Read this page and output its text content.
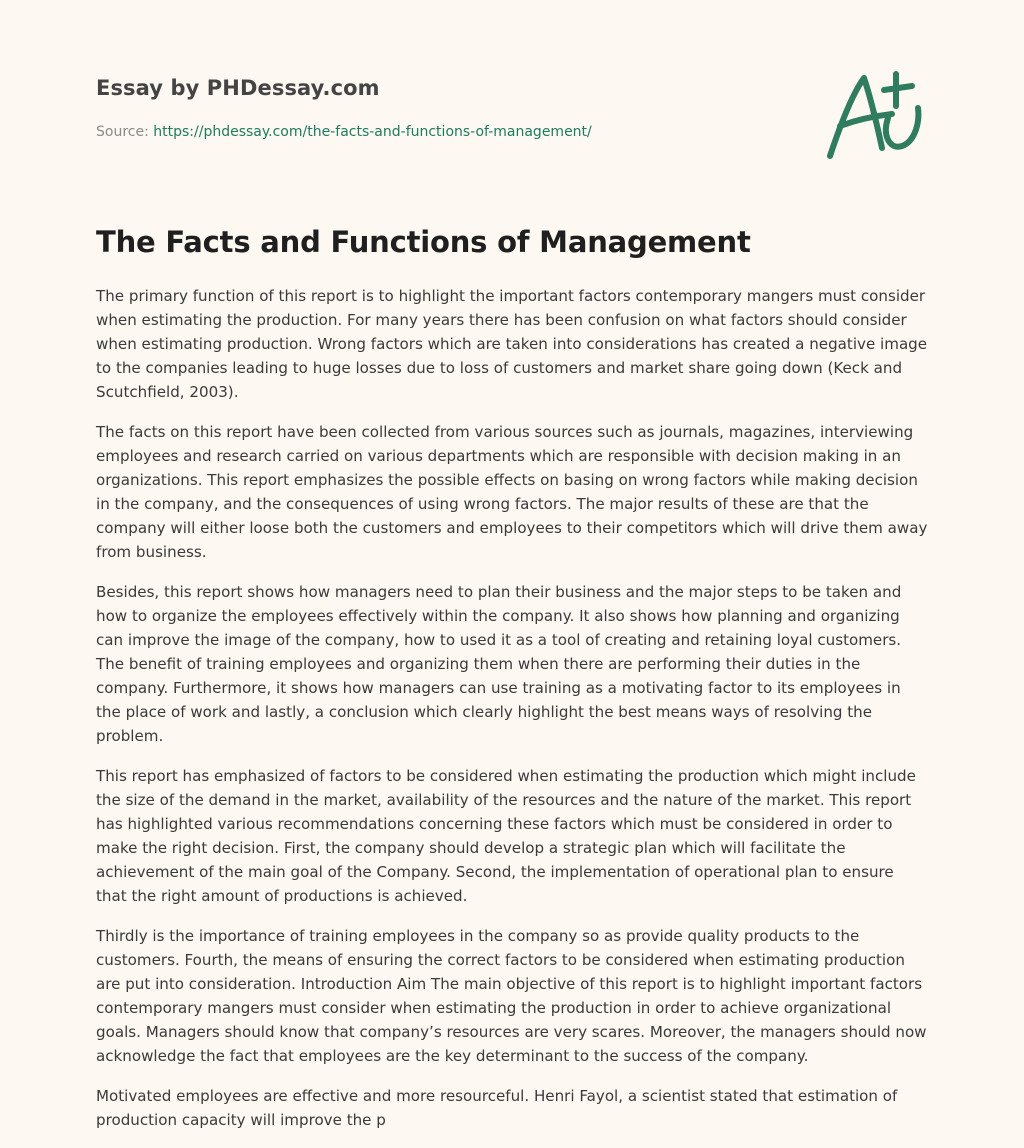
Essay by PHDessay.com
Source: https://phdessay.com/the-facts-and-functions-of-management/
The Facts and Functions of Management

The primary function of this report is to highlight the important factors contemporary mangers must consider when estimating the production. For many years there has been confusion on what factors should consider when estimating production. Wrong factors which are taken into considerations has created a negative image to the companies leading to huge losses due to loss of customers and market share going down (Keck and Scutchfield, 2003).

The facts on this report have been collected from various sources such as journals, magazines, interviewing employees and research carried on various departments which are responsible with decision making in an organizations. This report emphasizes the possible effects on basing on wrong factors while making decision in the company, and the consequences of using wrong factors. The major results of these are that the company will either loose both the customers and employees to their competitors which will drive them away from business.

Besides, this report shows how managers need to plan their business and the major steps to be taken and how to organize the employees effectively within the company. It also shows how planning and organizing can improve the image of the company, how to used it as a tool of creating and retaining loyal customers. The benefit of training employees and organizing them when there are performing their duties in the company. Furthermore, it shows how managers can use training as a motivating factor to its employees in the place of work and lastly, a conclusion which clearly highlight the best means ways of resolving the problem.

This report has emphasized of factors to be considered when estimating the production which might include the size of the demand in the market, availability of the resources and the nature of the market. This report has highlighted various recommendations concerning these factors which must be considered in order to make the right decision. First, the company should develop a strategic plan which will facilitate the achievement of the main goal of the Company. Second, the implementation of operational plan to ensure that the right amount of productions is achieved.

Thirdly is the importance of training employees in the company so as provide quality products to the customers. Fourth, the means of ensuring the correct factors to be considered when estimating production are put into consideration. Introduction Aim The main objective of this report is to highlight important factors contemporary mangers must consider when estimating the production in order to achieve organizational goals. Managers should know that company’s resources are very scares. Moreover, the managers should now acknowledge the fact that employees are the key determinant to the success of the company.

Motivated employees are effective and more resourceful. Henri Fayol, a scientist stated that estimation of production capacity will improve the p
